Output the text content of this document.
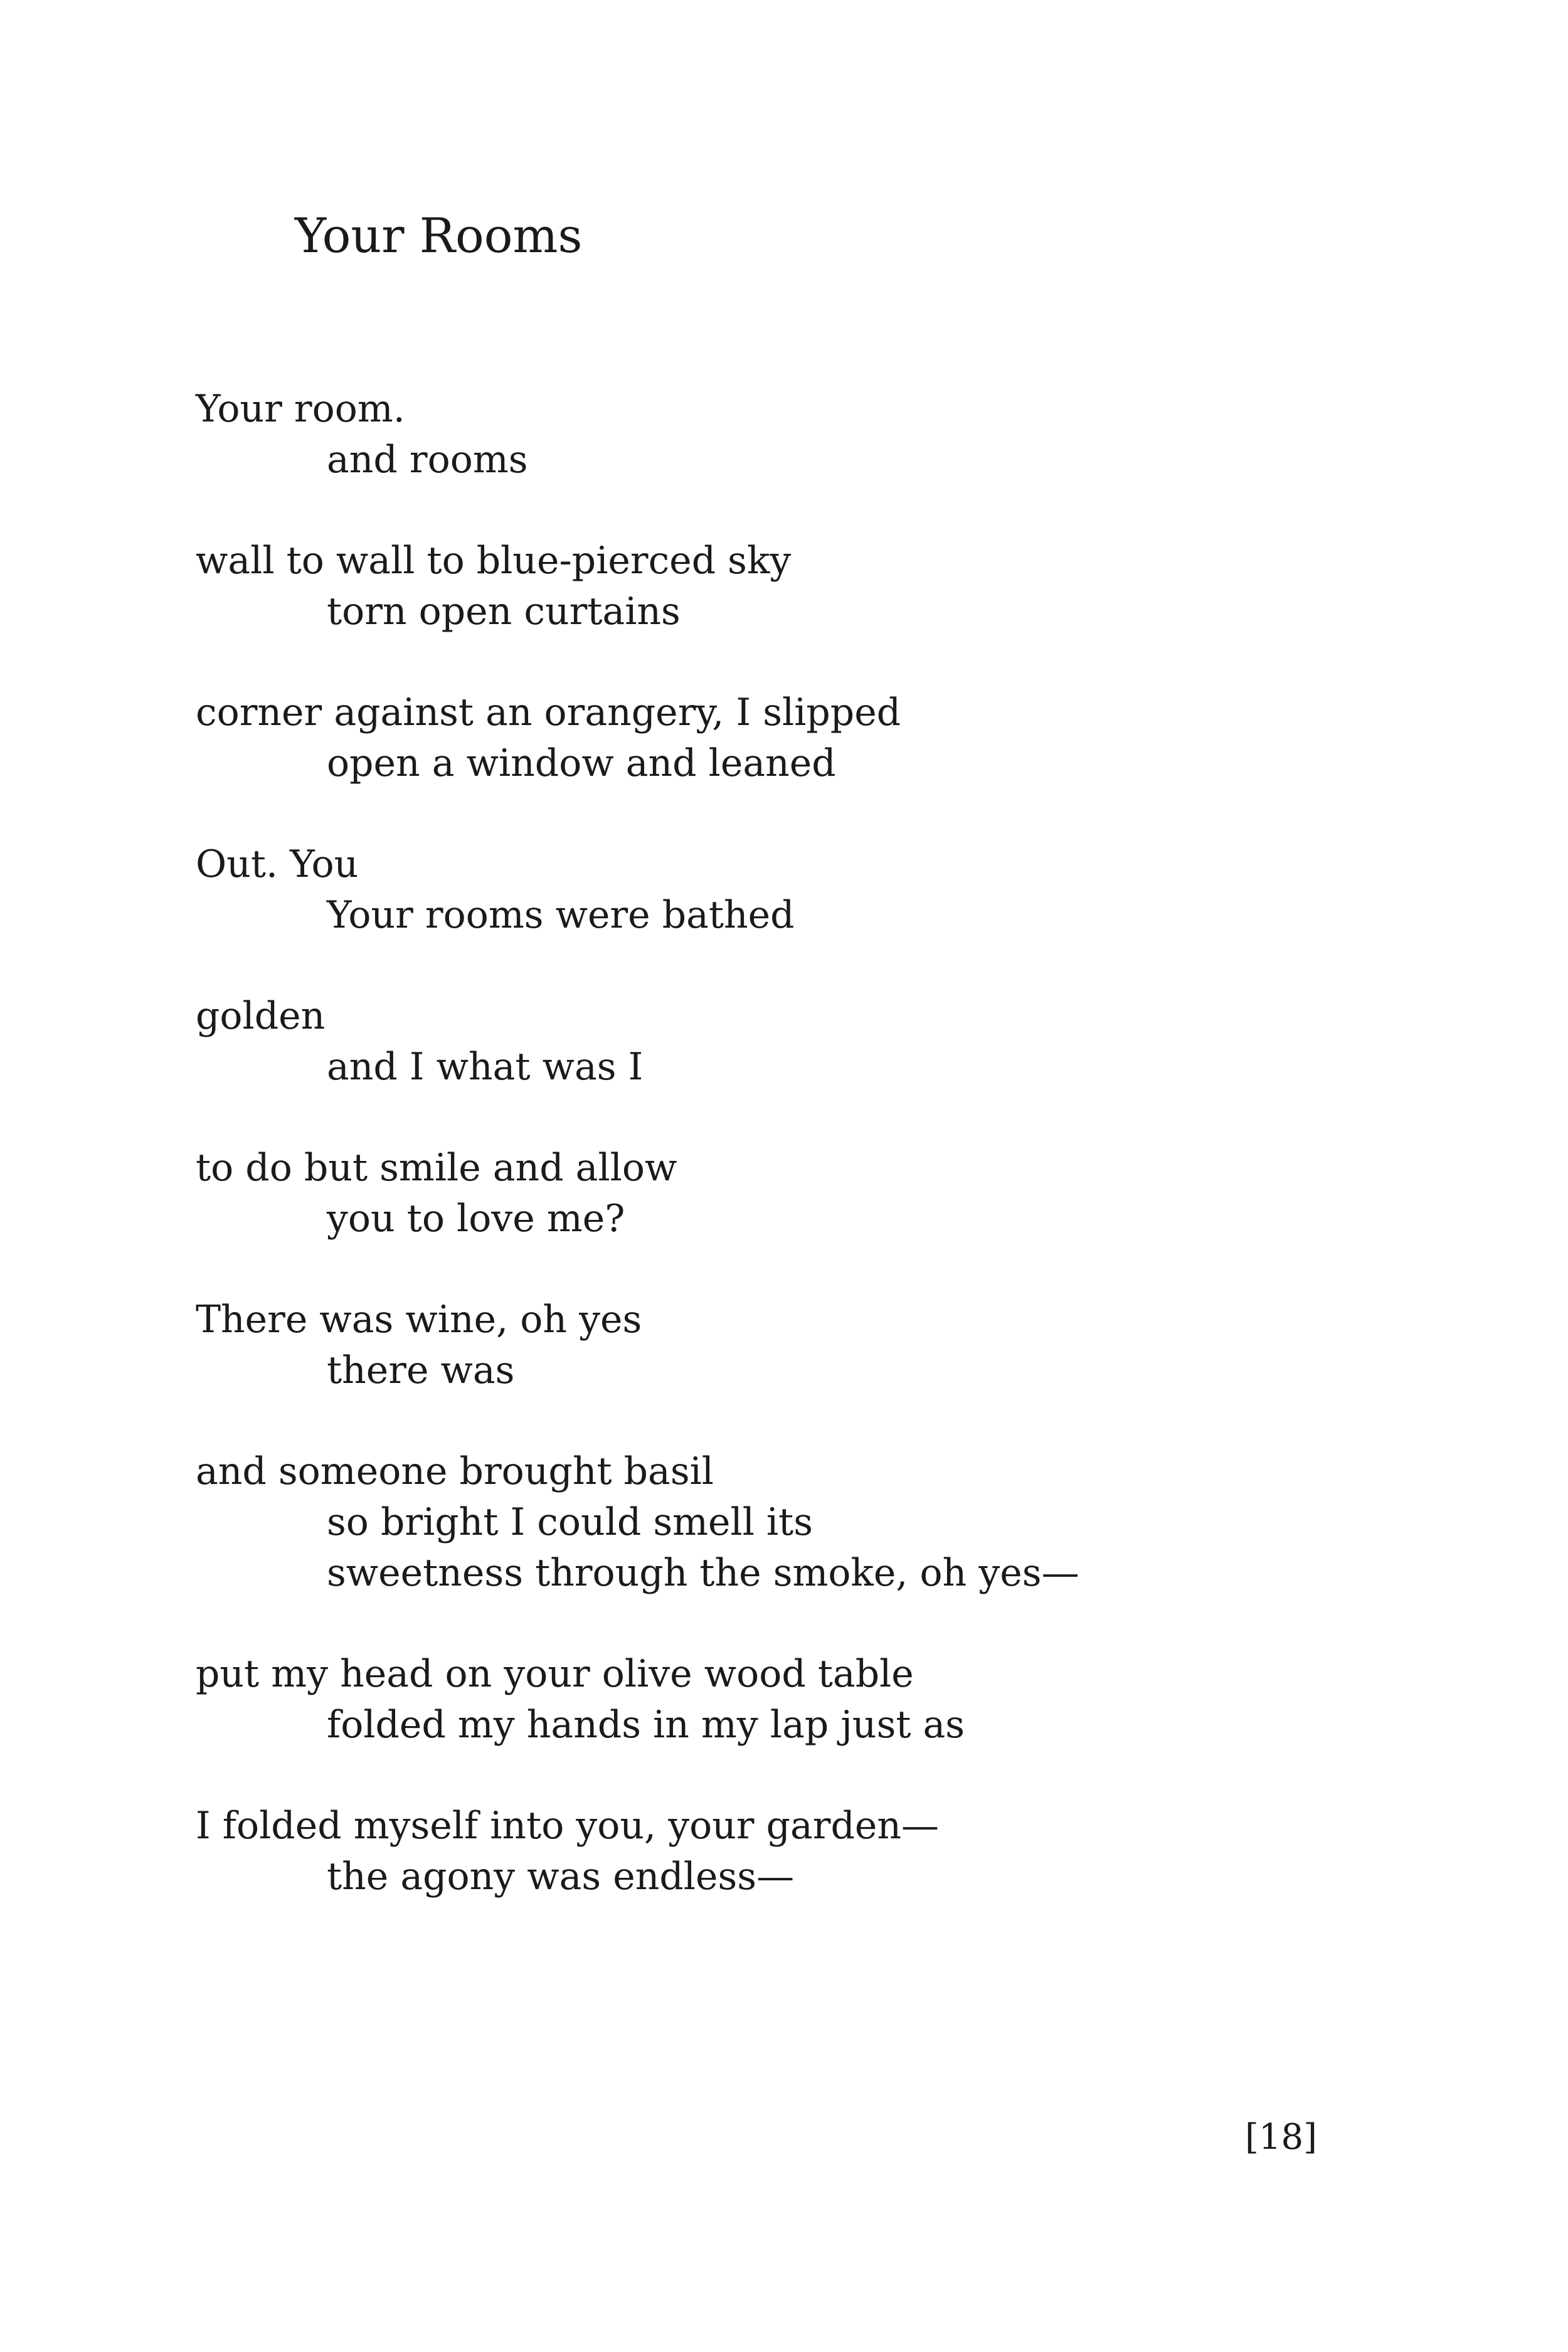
Your Rooms
Your room.
and rooms
wall to wall to blue-pierced sky
torn open curtains
corner against an orangery, I slipped
open a window and leaned
Out. You
Your rooms were bathed
golden
and I what was I
to do but smile and allow
you to love me?
There was wine, oh yes
there was
and someone brought basil
so bright I could smell its
sweetness through the smoke, oh yes—
put my head on your olive wood table
folded my hands in my lap just as
I folded myself into you, your garden—
the agony was endless—
[18]
